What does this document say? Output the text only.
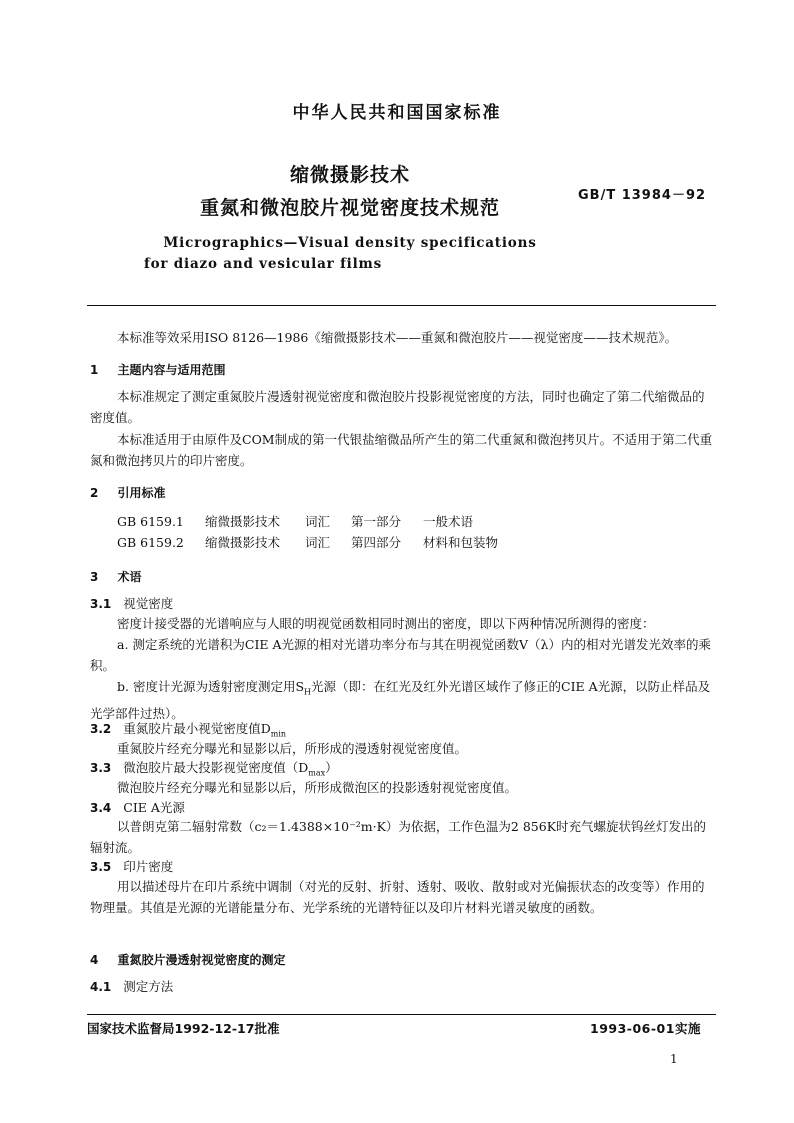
中华人民共和国国家标准
缩微摄影技术
重氮和微泡胶片视觉密度技术规范
GB/T 13984－92
Micrographics—Visual density specifications
for diazo and vesicular films
本标准等效采用ISO 8126—1986《缩微摄影技术——重氮和微泡胶片——视觉密度——技术规范》。
1 主题内容与适用范围
本标准规定了测定重氮胶片漫透射视觉密度和微泡胶片投影视觉密度的方法，同时也确定了第二代缩微品的密度值。
本标准适用于由原件及COM制成的第一代银盐缩微品所产生的第二代重氮和微泡拷贝片。不适用于第二代重氮和微泡拷贝片的印片密度。
2 引用标准
GB 6159.1 缩微摄影技术 词汇 第一部分 一般术语
GB 6159.2 缩微摄影技术 词汇 第四部分 材料和包装物
3 术语
3.1 视觉密度
密度计接受器的光谱响应与人眼的明视觉函数相同时测出的密度，即以下两种情况所测得的密度：
a. 测定系统的光谱积为CIE A光源的相对光谱功率分布与其在明视觉函数V（λ）内的相对光谱发光效率的乘积。
b. 密度计光源为透射密度测定用$S_H$光源（即：在红光及红外光谱区域作了修正的CIE A光源，以防止样品及光学部件过热）。
3.2 重氮胶片最小视觉密度值$D_{min}$
重氮胶片经充分曝光和显影以后，所形成的漫透射视觉密度值。
3.3 微泡胶片最大投影视觉密度值$(D_{max})$
微泡胶片经充分曝光和显影以后，所形成微泡区的投影透射视觉密度值。
3.4 CIE A光源
以普朗克第二辐射常数（c₂＝1.4388×10⁻²m·K）为依据，工作色温为2 856K时充气螺旋状钨丝灯发出的辐射流。
3.5 印片密度
用以描述母片在印片系统中调制（对光的反射、折射、透射、吸收、散射或对光偏振状态的改变等）作用的物理量。其值是光源的光谱能量分布、光学系统的光谱特征以及印片材料光谱灵敏度的函数。
4 重氮胶片漫透射视觉密度的测定
4.1 测定方法
国家技术监督局1992-12-17批准	1993-06-01实施
1
